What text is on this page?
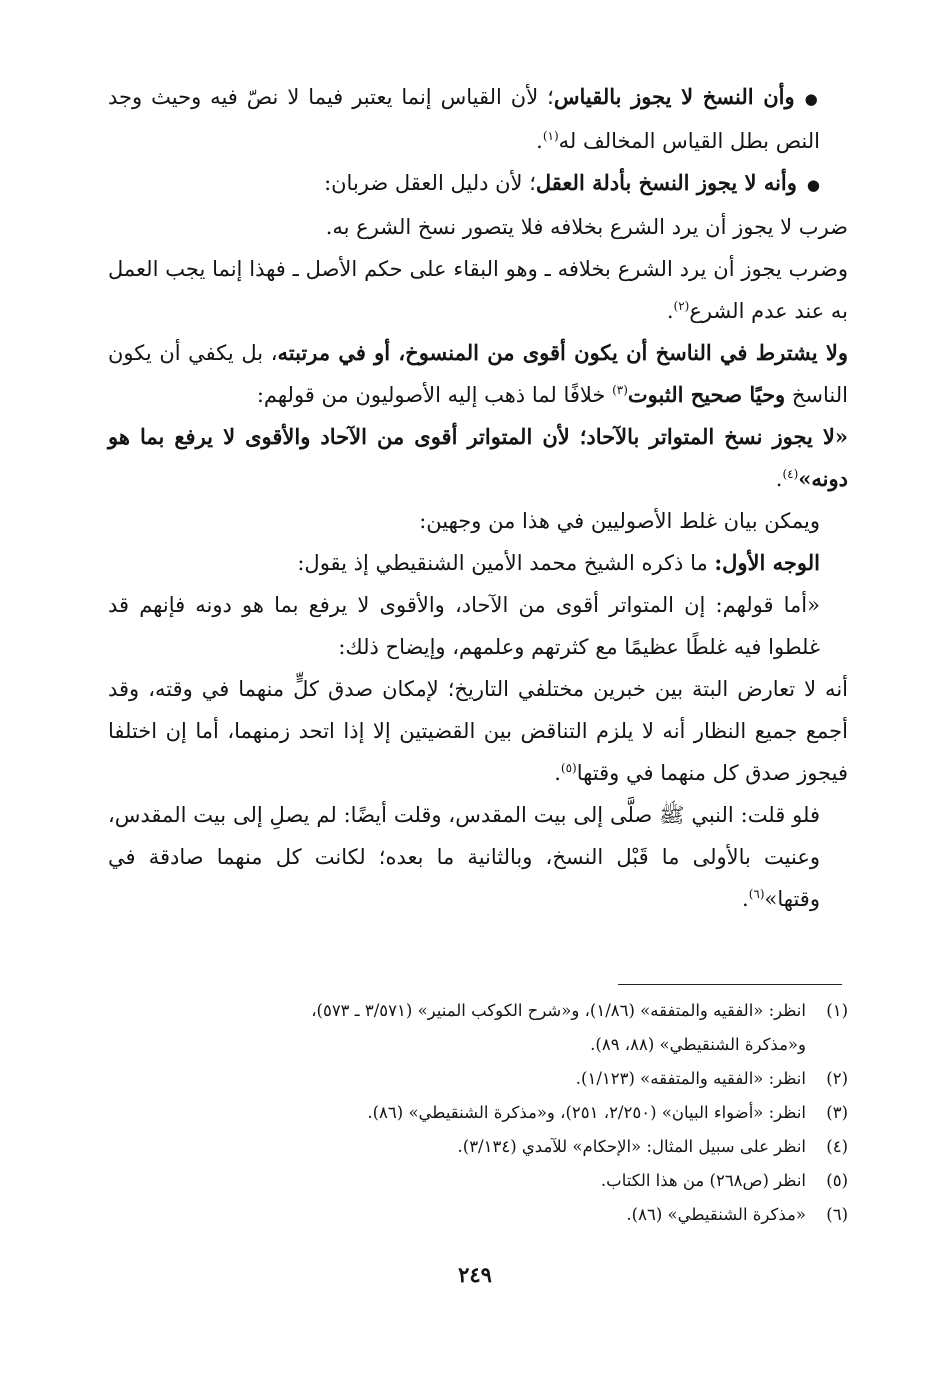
●وأن النسخ لا يجوز بالقياس؛ لأن القياس إنما يعتبر فيما لا نصّ فيه وحيث وجد النص بطل القياس المخالف له$^{(١)}$.

●وأنه لا يجوز النسخ بأدلة العقل؛ لأن دليل العقل ضربان:

ضرب لا يجوز أن يرد الشرع بخلافه فلا يتصور نسخ الشرع به.

وضرب يجوز أن يرد الشرع بخلافه ـ وهو البقاء على حكم الأصل ـ فهذا إنما يجب العمل به عند عدم الشرع$^{(٢)}$.

ولا يشترط في الناسخ أن يكون أقوى من المنسوخ، أو في مرتبته، بل يكفي أن يكون الناسخ وحيًا صحيح الثبوت$^{(٣)}$ خلافًا لما ذهب إليه الأصوليون من قولهم:

«لا يجوز نسخ المتواتر بالآحاد؛ لأن المتواتر أقوى من الآحاد والأقوى لا يرفع بما هو دونه»$^{(٤)}$.

ويمكن بيان غلط الأصوليين في هذا من وجهين:

الوجه الأول: ما ذكره الشيخ محمد الأمين الشنقيطي إذ يقول:

«أما قولهم: إن المتواتر أقوى من الآحاد، والأقوى لا يرفع بما هو دونه فإنهم قد غلطوا فيه غلطًا عظيمًا مع كثرتهم وعلمهم، وإيضاح ذلك:

أنه لا تعارض البتة بين خبرين مختلفي التاريخ؛ لإمكان صدق كلٍّ منهما في وقته، وقد أجمع جميع النظار أنه لا يلزم التناقض بين القضيتين إلا إذا اتحد زمنهما، أما إن اختلفا فيجوز صدق كل منهما في وقتها$^{(٥)}$.

فلو قلت: النبي ﷺ صلَّى إلى بيت المقدس، وقلت أيضًا: لم يصلِ إلى بيت المقدس، وعنيت بالأولى ما قَبْل النسخ، وبالثانية ما بعده؛ لكانت كل منهما صادقة في وقتها»$^{(٦)}$.

(١)انظر: «الفقيه والمتفقه» (١/٨٦)، و«شرح الكوكب المنير» (٣/٥٧١ ـ ٥٧٣)،

و«مذكرة الشنقيطي» (٨٨، ٨٩).

(٢)انظر: «الفقيه والمتفقه» (١/١٢٣).

(٣)انظر: «أضواء البيان» (٢/٢٥٠، ٢٥١)، و«مذكرة الشنقيطي» (٨٦).

(٤)انظر على سبيل المثال: «الإحكام» للآمدي (٣/١٣٤).

(٥)انظر (ص٢٦٨) من هذا الكتاب.

(٦)«مذكرة الشنقيطي» (٨٦).

٢٤٩
